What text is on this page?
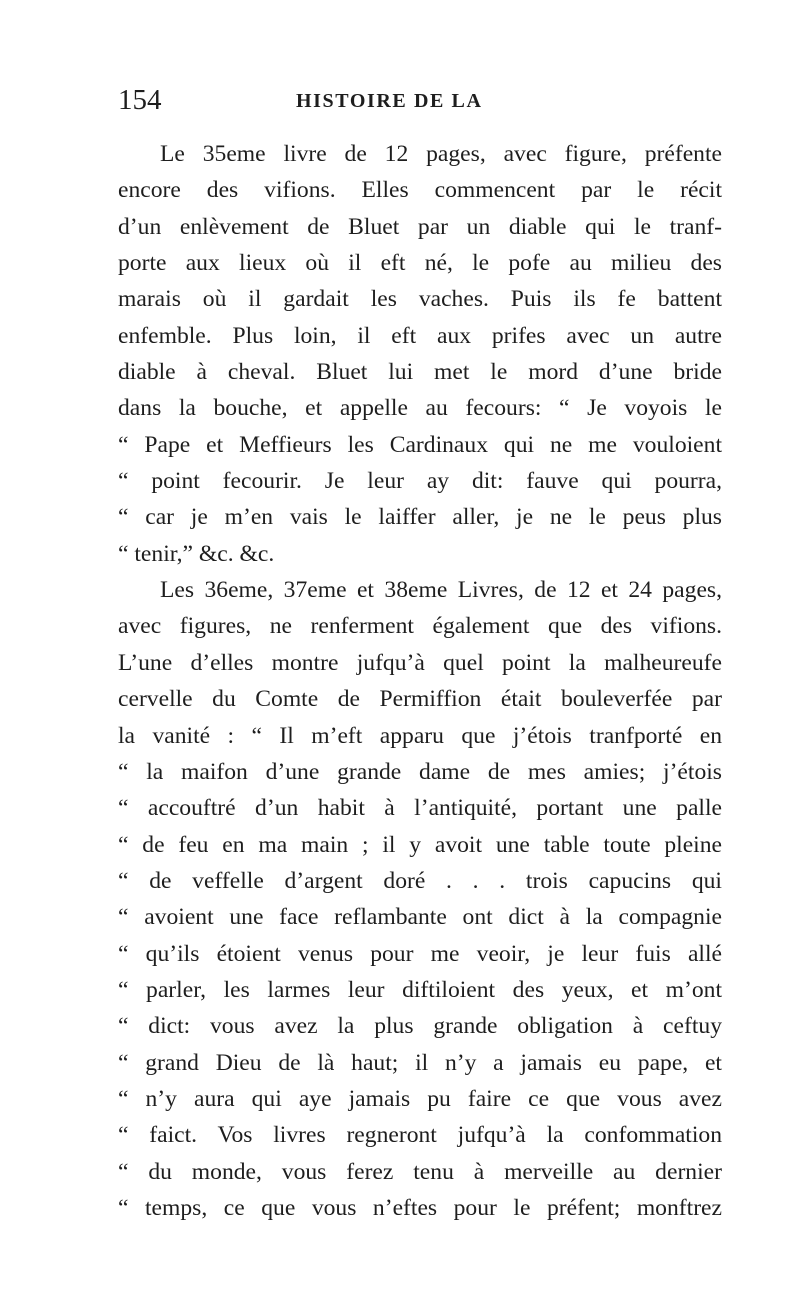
154	HISTOIRE DE LA
Le 35eme livre de 12 pages, avec figure, préfente
encore des vifions. Elles commencent par le récit
d’un enlèvement de Bluet par un diable qui le tranf-
porte aux lieux où il eft né, le pofe au milieu des
marais où il gardait les vaches. Puis ils fe battent
enfemble. Plus loin, il eft aux prifes avec un autre
diable à cheval. Bluet lui met le mord d’une bride
dans la bouche, et appelle au fecours: “ Je voyois le
“ Pape et Meffieurs les Cardinaux qui ne me vouloient
“ point fecourir. Je leur ay dit: fauve qui pourra,
“ car je m’en vais le laiffer aller, je ne le peus plus
“ tenir,” &c. &c.
Les 36eme, 37eme et 38eme Livres, de 12 et 24 pages,
avec figures, ne renferment également que des vifions.
L’une d’elles montre jufqu’à quel point la malheureufe
cervelle du Comte de Permiffion était bouleverfée par
la vanité : “ Il m’eft apparu que j’étois tranfporté en
“ la maifon d’une grande dame de mes amies; j’étois
“ accouftré d’un habit à l’antiquité, portant une palle
“ de feu en ma main ; il y avoit une table toute pleine
“ de veffelle d’argent doré . . . trois capucins qui
“ avoient une face reflambante ont dict à la compagnie
“ qu’ils étoient venus pour me veoir, je leur fuis allé
“ parler, les larmes leur diftiloient des yeux, et m’ont
“ dict: vous avez la plus grande obligation à ceftuy
“ grand Dieu de là haut; il n’y a jamais eu pape, et
“ n’y aura qui aye jamais pu faire ce que vous avez
“ faict. Vos livres regneront jufqu’à la confommation
“ du monde, vous ferez tenu à merveille au dernier
“ temps, ce que vous n’eftes pour le préfent; monftrez
